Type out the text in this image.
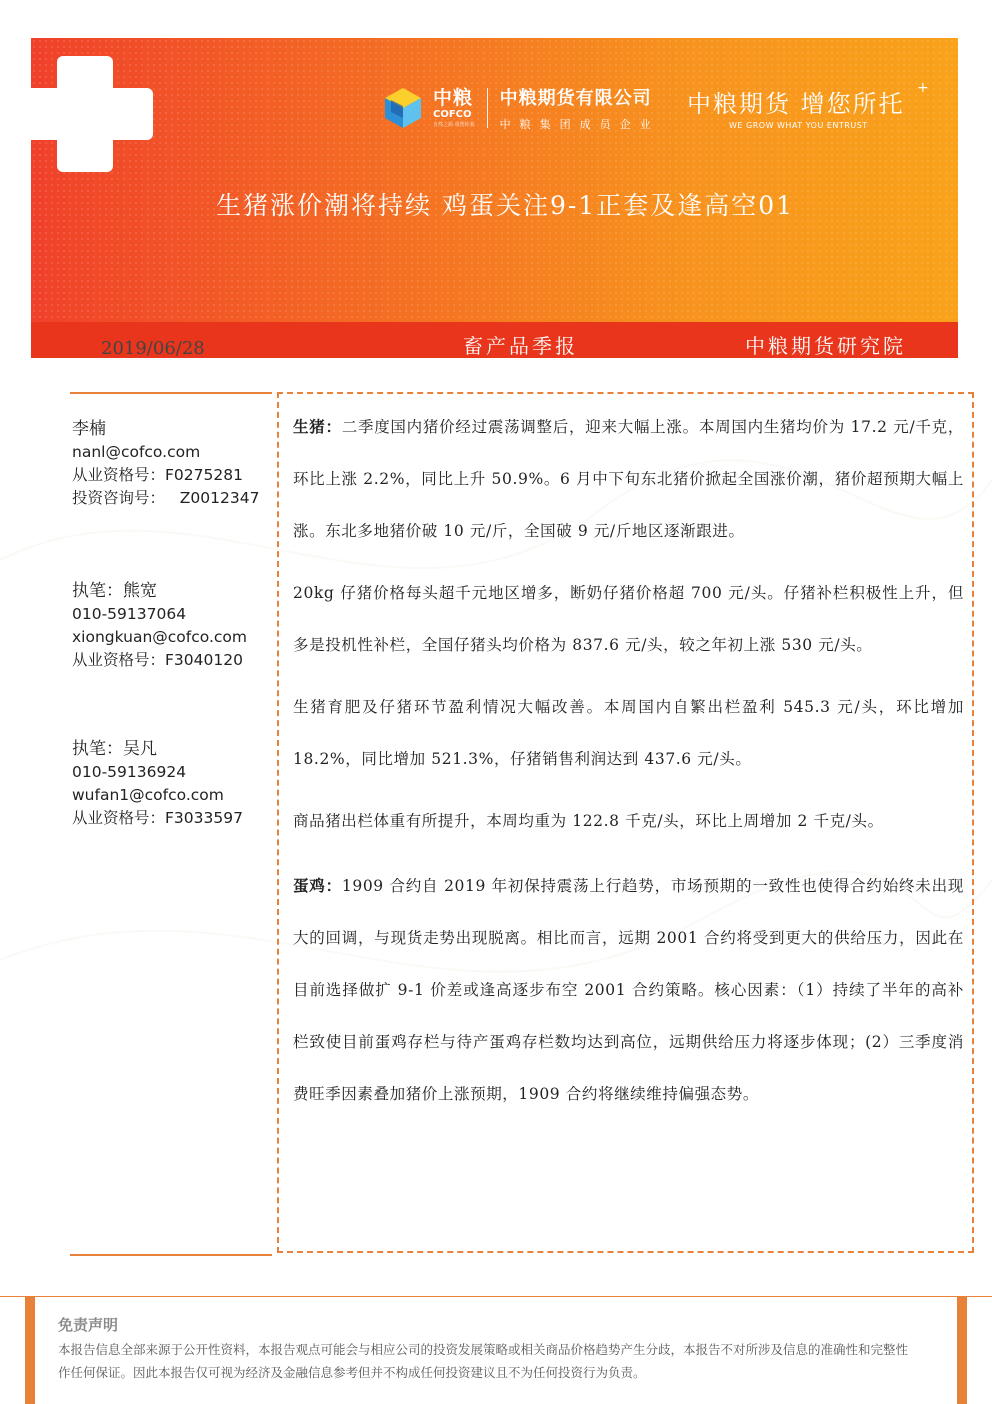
中粮
COFCO
自然之源 重塑你我
中粮期货有限公司
中粮集团成员企业
中粮期货 增您所托
WE GROW WHAT YOU ENTRUST
+
生猪涨价潮将持续 鸡蛋关注9-1正套及逢高空01
2019/06/28	畜产品季报	中粮期货研究院
李楠
nanl@cofco.com
从业资格号：F0275281
投资咨询号：   Z0012347
执笔：熊宽
010-59137064
xiongkuan@cofco.com
从业资格号：F3040120
执笔：吴凡
010-59136924
wufan1@cofco.com
从业资格号：F3033597
生猪：二季度国内猪价经过震荡调整后，迎来大幅上涨。本周国内生猪均价为 17.2 元/千克，环比上涨 2.2%，同比上升 50.9%。6 月中下旬东北猪价掀起全国涨价潮，猪价超预期大幅上涨。东北多地猪价破 10 元/斤，全国破 9 元/斤地区逐渐跟进。
20kg 仔猪价格每头超千元地区增多，断奶仔猪价格超 700 元/头。仔猪补栏积极性上升，但多是投机性补栏，全国仔猪头均价格为 837.6 元/头，较之年初上涨 530 元/头。
生猪育肥及仔猪环节盈利情况大幅改善。本周国内自繁出栏盈利 545.3 元/头，环比增加 18.2%，同比增加 521.3%，仔猪销售利润达到 437.6 元/头。
商品猪出栏体重有所提升，本周均重为 122.8 千克/头，环比上周增加 2 千克/头。
蛋鸡：1909 合约自 2019 年初保持震荡上行趋势，市场预期的一致性也使得合约始终未出现大的回调，与现货走势出现脱离。相比而言，远期 2001 合约将受到更大的供给压力，因此在目前选择做扩 9-1 价差或逢高逐步布空 2001 合约策略。核心因素：（1）持续了半年的高补栏致使目前蛋鸡存栏与待产蛋鸡存栏数均达到高位，远期供给压力将逐步体现；(2）三季度消费旺季因素叠加猪价上涨预期，1909 合约将继续维持偏强态势。
免责声明
本报告信息全部来源于公开性资料，本报告观点可能会与相应公司的投资发展策略或相关商品价格趋势产生分歧，本报告不对所涉及信息的准确性和完整性作任何保证。因此本报告仅可视为经济及金融信息参考但并不构成任何投资建议且不为任何投资行为负责。
